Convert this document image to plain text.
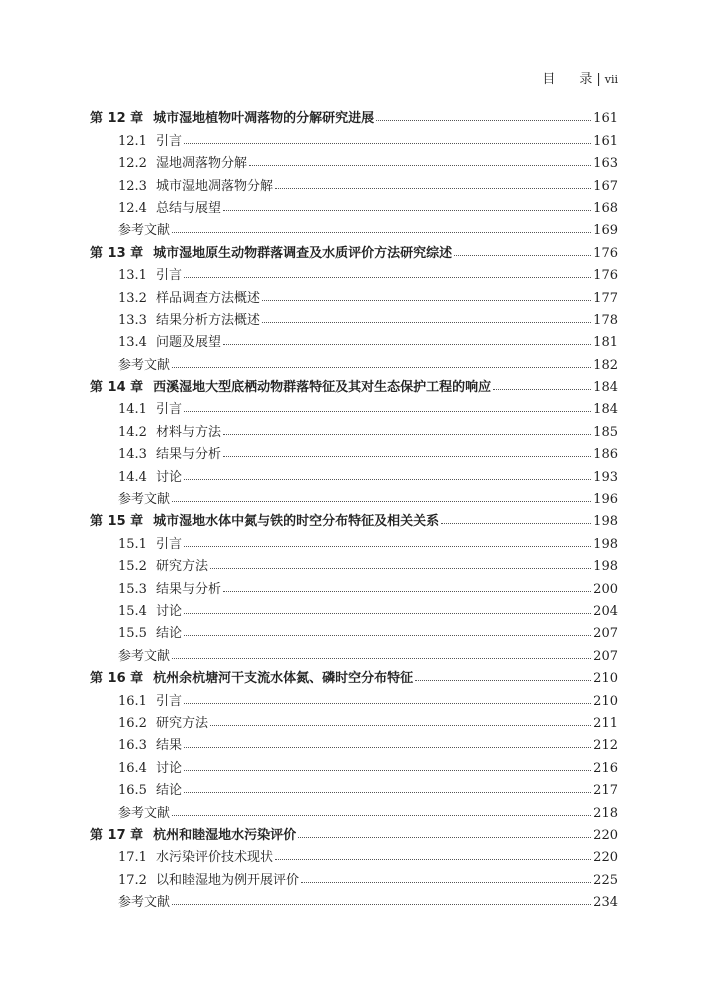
目 录 | vii
第 12 章 城市湿地植物叶凋落物的分解研究进展	161
12.1 引言	161
12.2 湿地凋落物分解	163
12.3 城市湿地凋落物分解	167
12.4 总结与展望	168
参考文献	169
第 13 章 城市湿地原生动物群落调查及水质评价方法研究综述	176
13.1 引言	176
13.2 样品调查方法概述	177
13.3 结果分析方法概述	178
13.4 问题及展望	181
参考文献	182
第 14 章 西溪湿地大型底栖动物群落特征及其对生态保护工程的响应	184
14.1 引言	184
14.2 材料与方法	185
14.3 结果与分析	186
14.4 讨论	193
参考文献	196
第 15 章 城市湿地水体中氮与铁的时空分布特征及相关关系	198
15.1 引言	198
15.2 研究方法	198
15.3 结果与分析	200
15.4 讨论	204
15.5 结论	207
参考文献	207
第 16 章 杭州余杭塘河干支流水体氮、磷时空分布特征	210
16.1 引言	210
16.2 研究方法	211
16.3 结果	212
16.4 讨论	216
16.5 结论	217
参考文献	218
第 17 章 杭州和睦湿地水污染评价	220
17.1 水污染评价技术现状	220
17.2 以和睦湿地为例开展评价	225
参考文献	234
